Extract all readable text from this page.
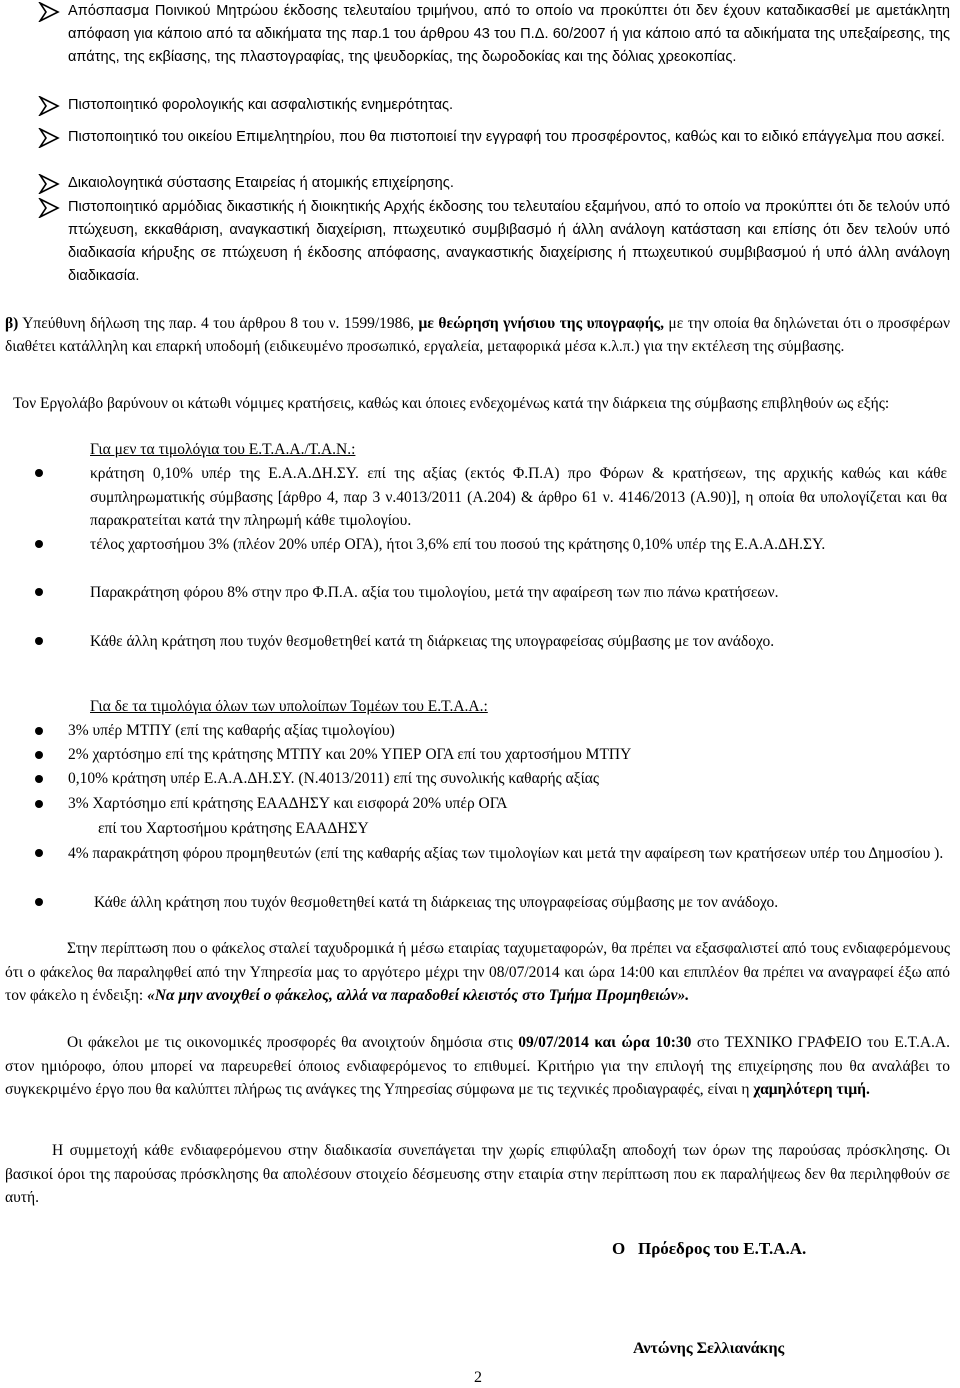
Απόσπασμα Ποινικού Μητρώου έκδοσης τελευταίου τριμήνου, από το οποίο να προκύπτει ότι δεν έχουν καταδικασθεί με αμετάκλητη απόφαση για κάποιο από τα αδικήματα της παρ.1 του άρθρου 43 του Π.Δ. 60/2007 ή για κάποιο από τα αδικήματα της υπεξαίρεσης, της απάτης, της εκβίασης, της πλαστογραφίας, της ψευδορκίας, της δωροδοκίας και της δόλιας χρεοκοπίας.
Πιστοποιητικό φορολογικής και ασφαλιστικής ενημερότητας.
Πιστοποιητικό του οικείου Επιμελητηρίου, που θα πιστοποιεί την εγγραφή του προσφέροντος, καθώς και το ειδικό επάγγελμα που ασκεί.
Δικαιολογητικά σύστασης Εταιρείας ή ατομικής επιχείρησης.
Πιστοποιητικό αρμόδιας δικαστικής ή διοικητικής Αρχής έκδοσης του τελευταίου εξαμήνου, από το οποίο να προκύπτει ότι δε τελούν υπό πτώχευση, εκκαθάριση, αναγκαστική διαχείριση, πτωχευτικό συμβιβασμό ή άλλη ανάλογη κατάσταση και επίσης ότι δεν τελούν υπό διαδικασία κήρυξης σε πτώχευση ή έκδοσης απόφασης, αναγκαστικής διαχείρισης ή πτωχευτικού συμβιβασμού ή υπό άλλη ανάλογη διαδικασία.

β) Υπεύθυνη δήλωση της παρ. 4 του άρθρου 8 του ν. 1599/1986, με θεώρηση γνήσιου της υπογραφής, με την οποία θα δηλώνεται ότι ο προσφέρων διαθέτει κατάλληλη και επαρκή υποδομή (ειδικευμένο προσωπικό, εργαλεία, μεταφορικά μέσα κ.λ.π.) για την εκτέλεση της σύμβασης.

Τον Εργολάβο βαρύνουν οι κάτωθι νόμιμες κρατήσεις, καθώς και όποιες ενδεχομένως κατά την διάρκεια της σύμβασης επιβληθούν ως εξής:

Για μεν τα τιμολόγια του Ε.Τ.Α.Α./Τ.Α.Ν.:

κράτηση 0,10% υπέρ της Ε.Α.Α.ΔΗ.ΣΥ. επί της αξίας (εκτός Φ.Π.Α) προ Φόρων & κρατήσεων, της αρχικής καθώς και κάθε συμπληρωματικής σύμβασης [άρθρο 4, παρ 3 ν.4013/2011 (Α.204) & άρθρο 61 ν. 4146/2013 (Α.90)], η οποία θα υπολογίζεται και θα παρακρατείται κατά την πληρωμή κάθε τιμολογίου.

τέλος χαρτοσήμου 3% (πλέον 20% υπέρ ΟΓΑ), ήτοι 3,6% επί του ποσού της κράτησης 0,10% υπέρ της Ε.Α.Α.ΔΗ.ΣΥ.

Παρακράτηση φόρου 8% στην προ Φ.Π.Α. αξία του τιμολογίου, μετά την αφαίρεση των πιο πάνω κρατήσεων.

Κάθε άλλη κράτηση που τυχόν θεσμοθετηθεί κατά τη διάρκειας της υπογραφείσας σύμβασης με τον ανάδοχο.

Για δε τα τιμολόγια όλων των υπολοίπων Τομέων του Ε.Τ.Α.Α.:

3% υπέρ ΜΤΠΥ (επί της καθαρής αξίας τιμολογίου)

2% χαρτόσημο επί της κράτησης ΜΤΠΥ και 20% ΥΠΕΡ ΟΓΑ επί του χαρτοσήμου ΜΤΠΥ

0,10% κράτηση υπέρ Ε.Α.Α.ΔΗ.ΣΥ. (Ν.4013/2011) επί της συνολικής καθαρής αξίας

3% Χαρτόσημο επί κράτησης ΕΑΑΔΗΣΥ και εισφορά 20% υπέρ ΟΓΑ

επί του Χαρτοσήμου κράτησης ΕΑΑΔΗΣΥ

4% παρακράτηση φόρου προμηθευτών (επί της καθαρής αξίας των τιμολογίων και μετά την αφαίρεση των κρατήσεων υπέρ του Δημοσίου ).

Κάθε άλλη κράτηση που τυχόν θεσμοθετηθεί κατά τη διάρκειας της υπογραφείσας σύμβασης με τον ανάδοχο.

Στην περίπτωση που ο φάκελος σταλεί ταχυδρομικά ή μέσω εταιρίας ταχυμεταφορών, θα πρέπει να εξασφαλιστεί από τους ενδιαφερόμενους ότι ο φάκελος θα παραληφθεί από την Υπηρεσία μας το αργότερο μέχρι την 08/07/2014 και ώρα 14:00 και επιπλέον θα πρέπει να αναγραφεί έξω από τον φάκελο η ένδειξη: «Να μην ανοιχθεί ο φάκελος, αλλά να παραδοθεί κλειστός στο Τμήμα Προμηθειών».

Οι φάκελοι με τις οικονομικές προσφορές θα ανοιχτούν δημόσια στις 09/07/2014 και ώρα 10:30 στο ΤΕΧΝΙΚΟ ΓΡΑΦΕΙΟ του Ε.Τ.Α.Α. στον ημιόροφο, όπου μπορεί να παρευρεθεί όποιος ενδιαφερόμενος το επιθυμεί. Κριτήριο για την επιλογή της επιχείρησης που θα αναλάβει το συγκεκριμένο έργο που θα καλύπτει πλήρως τις ανάγκες της Υπηρεσίας σύμφωνα με τις τεχνικές προδιαγραφές, είναι η χαμηλότερη τιμή.

Η συμμετοχή κάθε ενδιαφερόμενου στην διαδικασία συνεπάγεται την χωρίς επιφύλαξη αποδοχή των όρων της παρούσας πρόσκλησης. Οι βασικοί όροι της παρούσας πρόσκλησης θα απολέσουν στοιχείο δέσμευσης στην εταιρία στην περίπτωση που εκ παραλήψεως δεν θα περιληφθούν σε αυτή.

Ο   Πρόεδρος του Ε.Τ.Α.Α.

Αντώνης Σελλιανάκης

2
